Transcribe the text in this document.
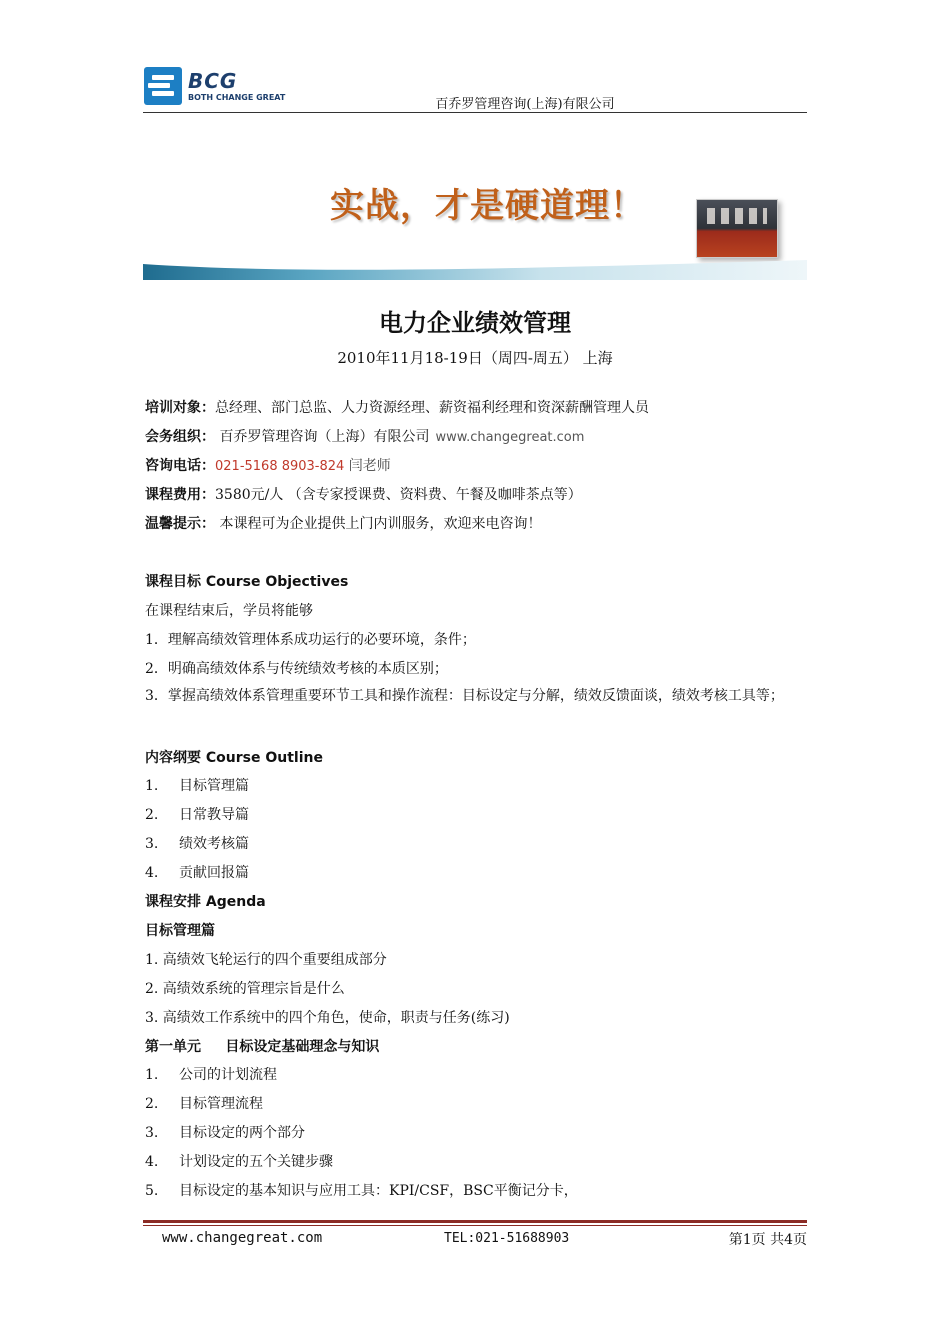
BCG
BOTH CHANGE GREAT	百乔罗管理咨询(上海)有限公司
实战，才是硬道理！
电力企业绩效管理
2010年11月18-19日（周四-周五） 上海
培训对象：总经理、部门总监、人力资源经理、薪资福利经理和资深薪酬管理人员
会务组织： 百乔罗管理咨询（上海）有限公司 www.changegreat.com
咨询电话：021-5168 8903-824 闫老师
课程费用：3580元/人 （含专家授课费、资料费、午餐及咖啡茶点等）
温馨提示： 本课程可为企业提供上门内训服务，欢迎来电咨询！
课程目标 Course Objectives
在课程结束后，学员将能够
1．理解高绩效管理体系成功运行的必要环境，条件；
2．明确高绩效体系与传统绩效考核的本质区别；
3．掌握高绩效体系管理重要环节工具和操作流程：目标设定与分解，绩效反馈面谈，绩效考核工具等；
内容纲要 Course Outline
1. 目标管理篇
2. 日常教导篇
3. 绩效考核篇
4. 贡献回报篇
课程安排 Agenda
目标管理篇
1. 高绩效飞轮运行的四个重要组成部分
2. 高绩效系统的管理宗旨是什么
3. 高绩效工作系统中的四个角色，使命，职责与任务(练习)
第一单元     目标设定基础理念与知识
1. 公司的计划流程
2. 目标管理流程
3. 目标设定的两个部分
4. 计划设定的五个关键步骤
5. 目标设定的基本知识与应用工具：KPI/CSF，BSC平衡记分卡，
www.changegreat.com	TEL:021-51688903	第1页 共4页
